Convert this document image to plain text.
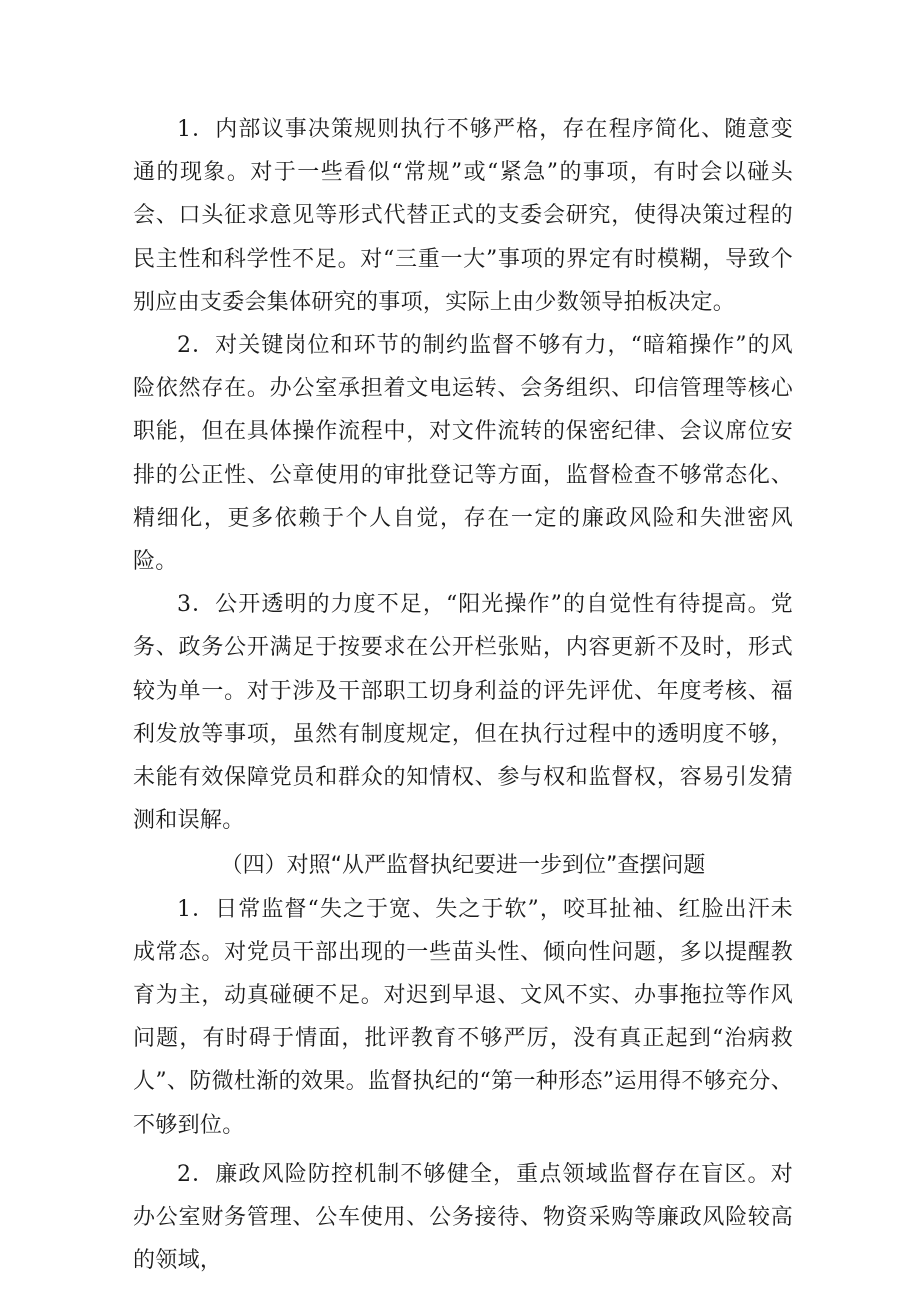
1．内部议事决策规则执行不够严格，存在程序简化、随意变通的现象。对于一些看似“常规”或“紧急”的事项，有时会以碰头会、口头征求意见等形式代替正式的支委会研究，使得决策过程的民主性和科学性不足。对“三重一大”事项的界定有时模糊，导致个别应由支委会集体研究的事项，实际上由少数领导拍板决定。

2．对关键岗位和环节的制约监督不够有力，“暗箱操作”的风险依然存在。办公室承担着文电运转、会务组织、印信管理等核心职能，但在具体操作流程中，对文件流转的保密纪律、会议席位安排的公正性、公章使用的审批登记等方面，监督检查不够常态化、精细化，更多依赖于个人自觉，存在一定的廉政风险和失泄密风险。

3．公开透明的力度不足，“阳光操作”的自觉性有待提高。党务、政务公开满足于按要求在公开栏张贴，内容更新不及时，形式较为单一。对于涉及干部职工切身利益的评先评优、年度考核、福利发放等事项，虽然有制度规定，但在执行过程中的透明度不够，未能有效保障党员和群众的知情权、参与权和监督权，容易引发猜测和误解。

（四）对照“从严监督执纪要进一步到位”查摆问题

1．日常监督“失之于宽、失之于软”，咬耳扯袖、红脸出汗未成常态。对党员干部出现的一些苗头性、倾向性问题，多以提醒教育为主，动真碰硬不足。对迟到早退、文风不实、办事拖拉等作风问题，有时碍于情面，批评教育不够严厉，没有真正起到“治病救人”、防微杜渐的效果。监督执纪的“第一种形态”运用得不够充分、不够到位。

2．廉政风险防控机制不够健全，重点领域监督存在盲区。对办公室财务管理、公车使用、公务接待、物资采购等廉政风险较高的领域，
